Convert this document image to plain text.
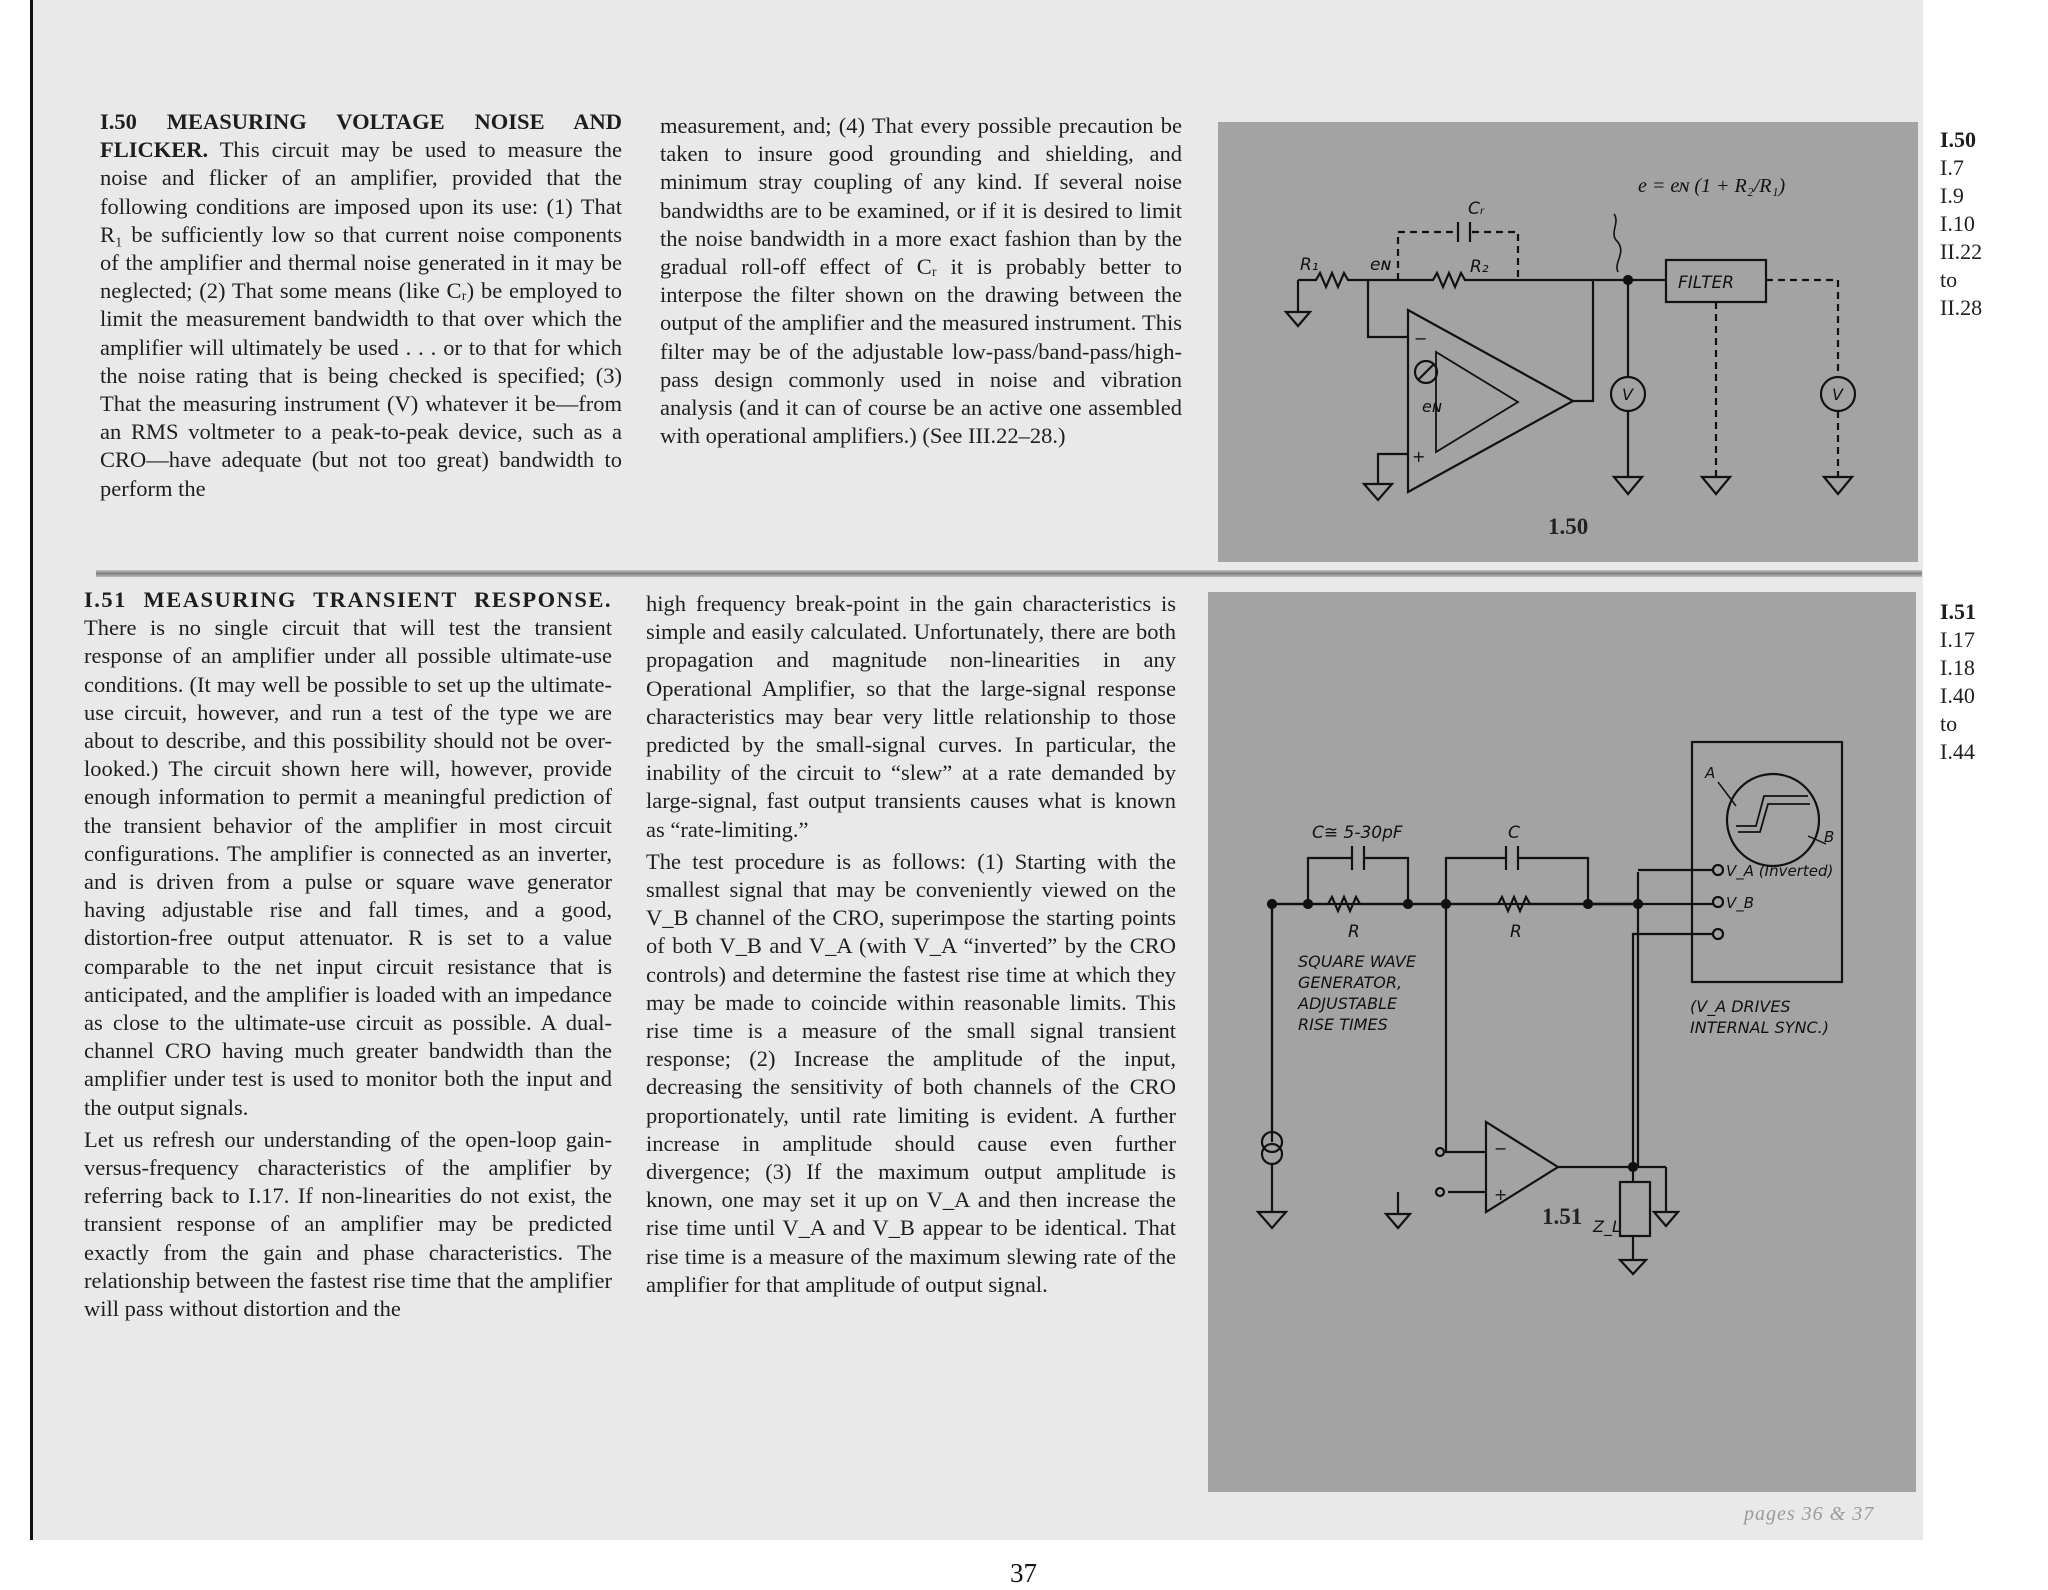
I.50 MEASURING VOLTAGE NOISE AND FLICKER. This circuit may be used to measure the noise and flicker of an amplifier, provided that the following conditions are imposed upon its use: (1) That R₁ be sufficiently low so that current noise components of the amplifier and thermal noise generated in it may be neglected; (2) That some means (like Cᵣ) be employed to limit the measurement bandwidth to that over which the amplifier will ultimately be used . . . or to that for which the noise rating that is being checked is specified; (3) That the measuring instrument (V) whatever it be—from an RMS voltmeter to a peak-to-peak device, such as a CRO—have adequate (but not too great) bandwidth to perform the

measurement, and; (4) That every possible precaution be taken to insure good grounding and shielding, and minimum stray coupling of any kind. If several noise bandwidths are to be examined, or if it is desired to limit the noise bandwidth in a more exact fashion than by the gradual roll-off effect of Cᵣ it is probably better to interpose the filter shown on the drawing between the output of the amplifier and the measured instrument. This filter may be of the adjustable low-pass/band-pass/high-pass design commonly used in noise and vibration analysis (and it can of course be an active one assembled with operational amplifiers.) (See III.22–28.)

R₁	eɴ
Cᵣ
R₂
eɴ
−
+
e = eɴ (1 + R₂/R₁)
FILTER
V	V
1.50
I.50
I.7
I.9
I.10
II.22
to
II.28

I.51 MEASURING TRANSIENT RESPONSE. There is no single circuit that will test the transient response of an amplifier under all possible ultimate-use conditions. (It may well be possible to set up the ultimate-use circuit, however, and run a test of the type we are about to describe, and this possibility should not be over-looked.) The circuit shown here will, however, provide enough information to permit a meaningful prediction of the transient behavior of the amplifier in most circuit configurations. The amplifier is connected as an inverter, and is driven from a pulse or square wave generator having adjustable rise and fall times, and a good, distortion-free output attenuator. R is set to a value comparable to the net input circuit resistance that is anticipated, and the amplifier is loaded with an impedance as close to the ultimate-use circuit as possible. A dual-channel CRO having much greater bandwidth than the amplifier under test is used to monitor both the input and the output signals.

Let us refresh our understanding of the open-loop gain-versus-frequency characteristics of the amplifier by referring back to I.17. If non-linearities do not exist, the transient response of an amplifier may be predicted exactly from the gain and phase characteristics. The relationship between the fastest rise time that the amplifier will pass without distortion and the

high frequency break-point in the gain characteristics is simple and easily calculated. Unfortunately, there are both propagation and magnitude non-linearities in any Operational Amplifier, so that the large-signal response characteristics may bear very little relationship to those predicted by the small-signal curves. In particular, the inability of the circuit to “slew” at a rate demanded by large-signal, fast output transients causes what is known as “rate-limiting.”

The test procedure is as follows: (1) Starting with the smallest signal that may be conveniently viewed on the V_B channel of the CRO, superimpose the starting points of both V_B and V_A (with V_A “inverted” by the CRO controls) and determine the fastest rise time at which they may be made to coincide within reasonable limits. This rise time is a measure of the small signal transient response; (2) Increase the amplitude of the input, decreasing the sensitivity of both channels of the CRO proportionately, until rate limiting is evident. A further increase in amplitude should cause even further divergence; (3) If the maximum output amplitude is known, one may set it up on V_A and then increase the rise time until V_A and V_B appear to be identical. That rise time is a measure of the maximum slewing rate of the amplifier for that amplitude of output signal.

C≅ 5-30pF	C
R	R
SQUARE WAVE
GENERATOR,
ADJUSTABLE
RISE TIMES
V_A (Inverted)
V_B
A
B
−
+
Z_L
(V_A DRIVES
INTERNAL SYNC.)
1.51
I.51
I.17
I.18
I.40
to
I.44
pages 36 & 37
37
